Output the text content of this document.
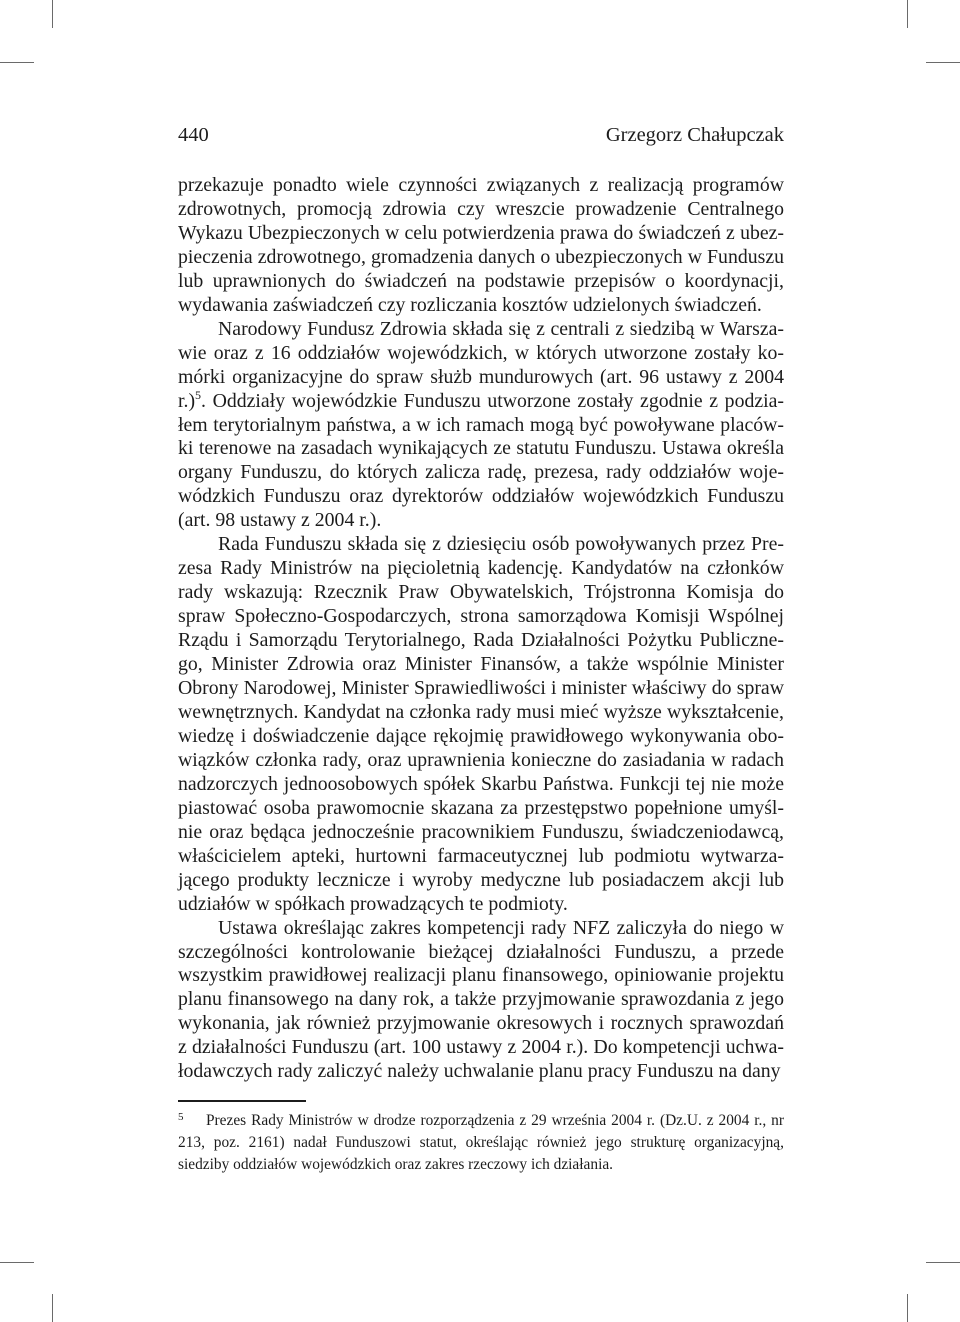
440	Grzegorz Chałupczak

przekazuje ponadto wiele czynności związanych z realizacją programów zdrowotnych, promocją zdrowia czy wreszcie prowadzenie Centralnego Wykazu Ubezpieczonych w celu potwierdzenia prawa do świadczeń z ubezpieczenia zdrowotnego, gromadzenia danych o ubezpieczonych w Funduszu lub uprawnionych do świadczeń na podstawie przepisów o koordynacji, wydawania zaświadczeń czy rozliczania kosztów udzielonych świadczeń.

Narodowy Fundusz Zdrowia składa się z centrali z siedzibą w Warszawie oraz z 16 oddziałów wojewódzkich, w których utworzone zostały komórki organizacyjne do spraw służb mundurowych (art. 96 ustawy z 2004 r.)$^5$. Oddziały wojewódzkie Funduszu utworzone zostały zgodnie z podziałem terytorialnym państwa, a w ich ramach mogą być powoływane placówki terenowe na zasadach wynikających ze statutu Funduszu. Ustawa określa organy Funduszu, do których zalicza radę, prezesa, rady oddziałów wojewódzkich Funduszu oraz dyrektorów oddziałów wojewódzkich Funduszu (art. 98 ustawy z 2004 r.).

Rada Funduszu składa się z dziesięciu osób powoływanych przez Prezesa Rady Ministrów na pięcioletnią kadencję. Kandydatów na członków rady wskazują: Rzecznik Praw Obywatelskich, Trójstronna Komisja do spraw Społeczno-Gospodarczych, strona samorządowa Komisji Wspólnej Rządu i Samorządu Terytorialnego, Rada Działalności Pożytku Publicznego, Minister Zdrowia oraz Minister Finansów, a także wspólnie Minister Obrony Narodowej, Minister Sprawiedliwości i minister właściwy do spraw wewnętrznych. Kandydat na członka rady musi mieć wyższe wykształcenie, wiedzę i doświadczenie dające rękojmię prawidłowego wykonywania obowiązków członka rady, oraz uprawnienia konieczne do zasiadania w radach nadzorczych jednoosobowych spółek Skarbu Państwa. Funkcji tej nie może piastować osoba prawomocnie skazana za przestępstwo popełnione umyślnie oraz będąca jednocześnie pracownikiem Funduszu, świadczeniodawcą, właścicielem apteki, hurtowni farmaceutycznej lub podmiotu wytwarzającego produkty lecznicze i wyroby medyczne lub posiadaczem akcji lub udziałów w spółkach prowadzących te podmioty.

Ustawa określając zakres kompetencji rady NFZ zaliczyła do niego w szczególności kontrolowanie bieżącej działalności Funduszu, a przede wszystkim prawidłowej realizacji planu finansowego, opiniowanie projektu planu finansowego na dany rok, a także przyjmowanie sprawozdania z jego wykonania, jak również przyjmowanie okresowych i rocznych sprawozdań z działalności Funduszu (art. 100 ustawy z 2004 r.). Do kompetencji uchwałodawczych rady zaliczyć należy uchwalanie planu pracy Funduszu na dany

5 Prezes Rady Ministrów w drodze rozporządzenia z 29 września 2004 r. (Dz.U. z 2004 r., nr 213, poz. 2161) nadał Funduszowi statut, określając również jego strukturę organizacyjną, siedziby oddziałów wojewódzkich oraz zakres rzeczowy ich działania.
